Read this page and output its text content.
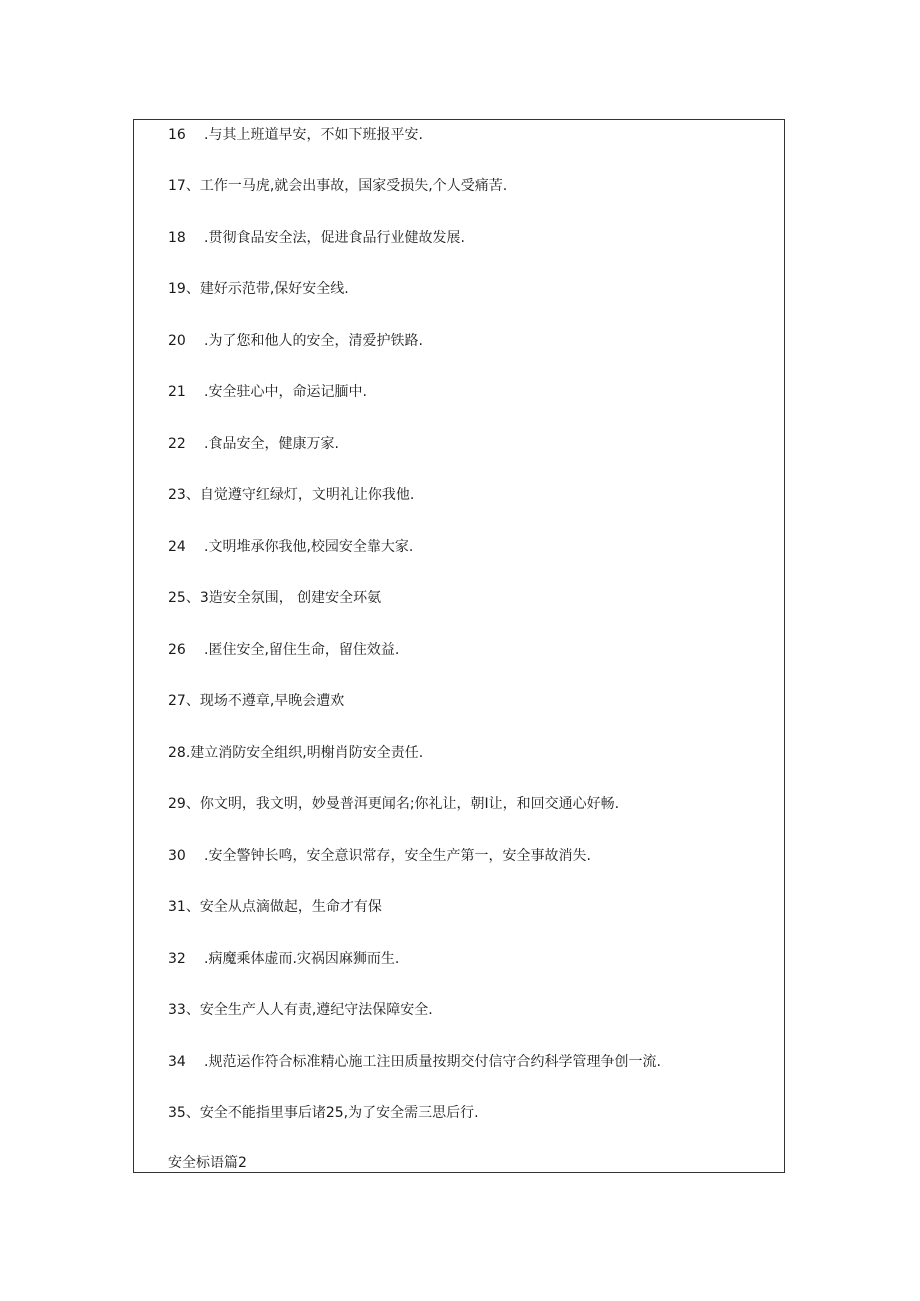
16 .与其上班道早安，不如下班报平安.
17、工作一马虎,就会出事故，国家受损失,个人受痛苦.
18 .贯彻食品安全法，促进食品行业健故发展.
19、建好示范带,保好安全线.
20 .为了您和他人的安全，清爱护铁路.
21 .安全驻心中，命运记腼中.
22 .食品安全，健康万家.
23、自觉遵守红绿灯，文明礼让你我他.
24 .文明堆承你我他,校园安全靠大家.
25、3造安全氛围， 创建安全环氨
26 .匿住安全,留住生命，留住效益.
27、现场不遵章,早晚会遭欢
28.建立消防安全组织,明榭肖防安全责任.
29、你文明，我文明，妙曼普洱更闻名;你礼让，朝I让，和回交通心好畅.
30 .安全警钟长鸣，安全意识常存，安全生产第一，安全事故消失.
31、安全从点滴做起，生命才有保
32 .病魔乘体虚而.灾祸因麻狮而生.
33、安全生产人人有责,遵纪守法保障安全.
34 .规范运作符合标准精心施工注田质量按期交付信守合约科学管理争创一流.
35、安全不能指里事后诸25,为了安全需三思后行.
安全标语篇2
